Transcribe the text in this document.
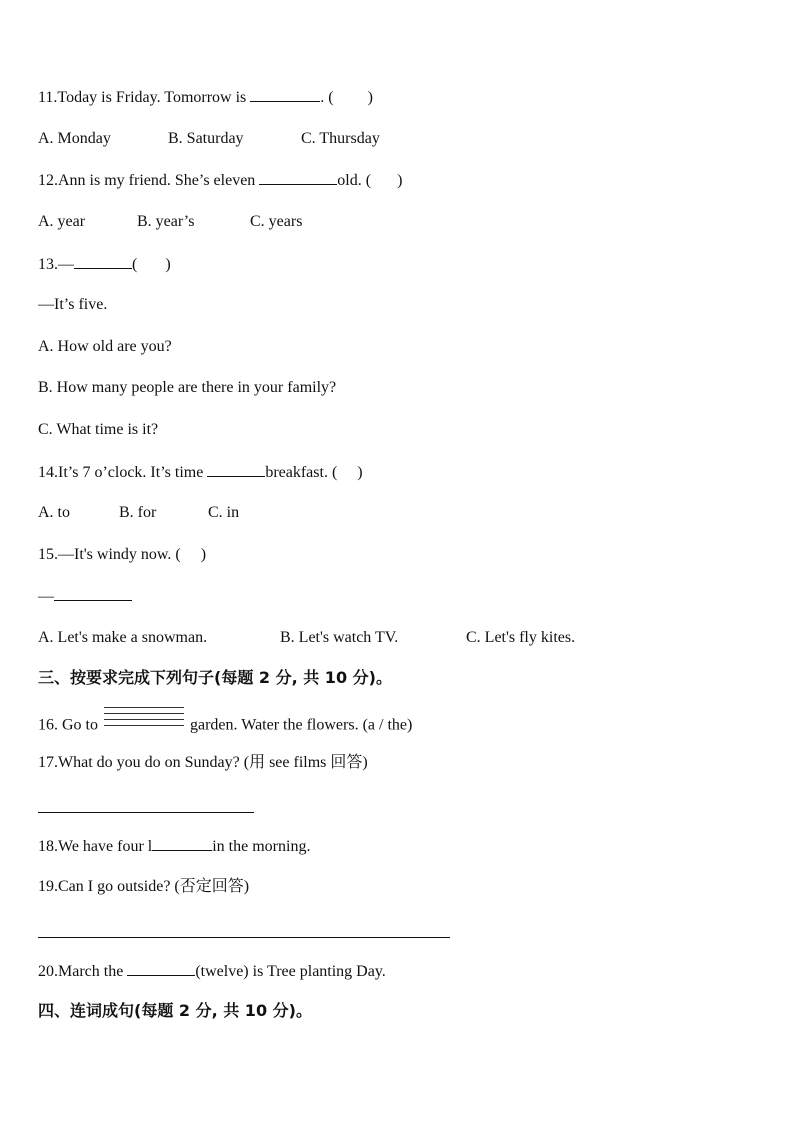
11.Today is Friday. Tomorrow is	. ( )
A. Monday	B. Saturday	C. Thursday
12.Ann is my friend. She’s eleven	old. ( )
A. year	B. year’s	C. years
13.—	( )
—It’s five.
A. How old are you?
B. How many people are there in your family?
C. What time is it?
14.It’s 7 o’clock. It’s time	breakfast. ( )
A. to	B. for	C. in
15.—It's windy now. ( )
—
A. Let's make a snowman.	B. Let's watch TV.	C. Let's fly kites.
三、按要求完成下列句子(每题 2 分, 共 10 分)。
16. Go to	garden. Water the flowers. (a / the)
17.What do you do on Sunday? (用 see films 回答)
18.We have four l	in the morning.
19.Can I go outside? (否定回答)
20.March the	(twelve) is Tree planting Day.
四、连词成句(每题 2 分, 共 10 分)。
